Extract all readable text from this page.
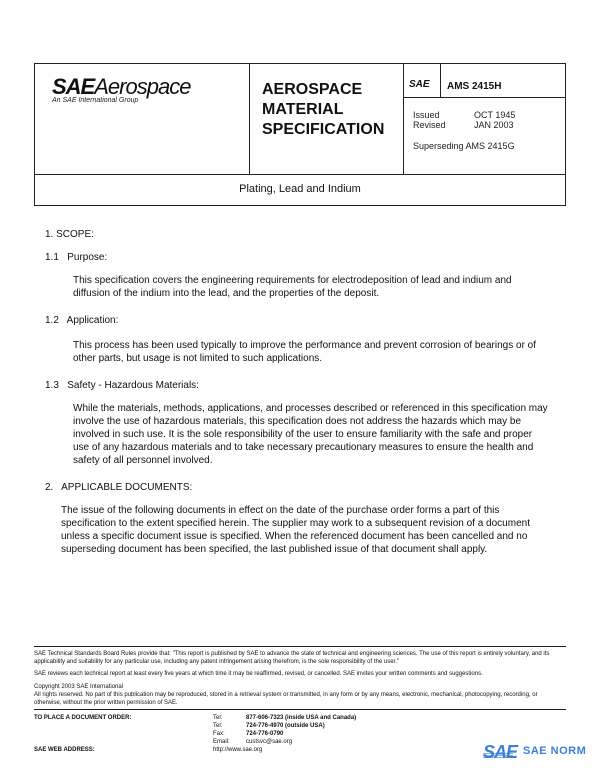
SAEAerospace
An SAE International Group
AEROSPACE
MATERIAL
SPECIFICATION
SAE AMS 2415H
Issued	OCT 1945
Revised	JAN 2003
Superseding AMS 2415G
Plating, Lead and Indium
1. SCOPE:
1.1   Purpose:
This specification covers the engineering requirements for electrodeposition of lead and indium and diffusion of the indium into the lead, and the properties of the deposit.
1.2   Application:
This process has been used typically to improve the performance and prevent corrosion of bearings or of other parts, but usage is not limited to such applications.
1.3   Safety - Hazardous Materials:
While the materials, methods, applications, and processes described or referenced in this specification may involve the use of hazardous materials, this specification does not address the hazards which may be involved in such use. It is the sole responsibility of the user to ensure familiarity with the safe and proper use of any hazardous materials and to take necessary precautionary measures to ensure the health and safety of all personnel involved.
2.   APPLICABLE DOCUMENTS:
The issue of the following documents in effect on the date of the purchase order forms a part of this specification to the extent specified herein. The supplier may work to a subsequent revision of a document unless a specific document issue is specified. When the referenced document has been cancelled and no superseding document has been specified, the last published issue of that document shall apply.
SAE Technical Standards Board Rules provide that: "This report is published by SAE to advance the state of technical and engineering sciences. The use of this report is entirely voluntary, and its applicability and suitability for any particular use, including any patent infringement arising therefrom, is the sole responsibility of the user."
SAE reviews each technical report at least every five years at which time it may be reaffirmed, revised, or cancelled. SAE invites your written comments and suggestions.
Copyright 2003 SAE International
All rights reserved. No part of this publication may be reproduced, stored in a retrieval system or transmitted, in any form or by any means, electronic, mechanical, photocopying, recording, or otherwise, without the prior written permission of SAE.
TO PLACE A DOCUMENT ORDER:	Tel:	877-606-7323 (inside USA and Canada)
Tel:	724-776-4970 (outside USA)
Fax:	724-776-0790
Email:	custsvc@sae.org
SAE WEB ADDRESS:	http://www.sae.org	SAE SAE NORM
